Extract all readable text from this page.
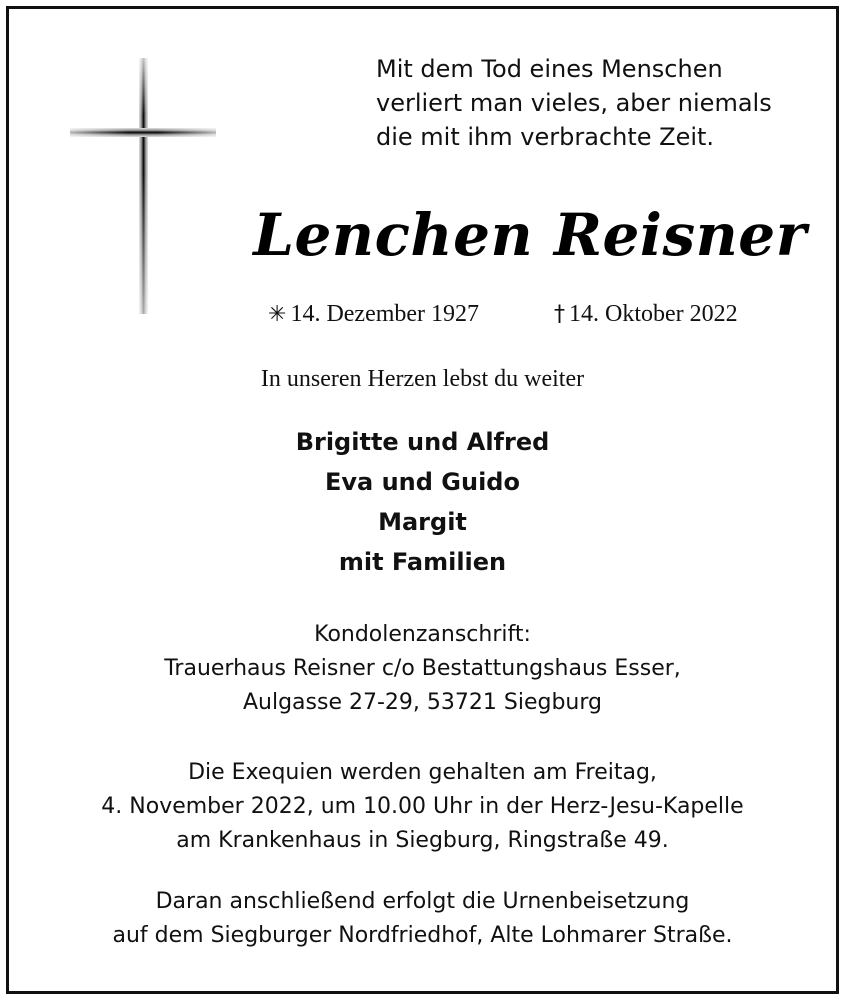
Mit dem Tod eines Menschen
verliert man vieles, aber niemals
die mit ihm verbrachte Zeit.
Lenchen Reisner
✳ 14. Dezember 1927	† 14. Oktober 2022
In unseren Herzen lebst du weiter
Brigitte und Alfred
Eva und Guido
Margit
mit Familien
Kondolenzanschrift:
Trauerhaus Reisner c/o Bestattungshaus Esser,
Aulgasse 27-29, 53721 Siegburg
Die Exequien werden gehalten am Freitag,
4. November 2022, um 10.00 Uhr in der Herz-Jesu-Kapelle
am Krankenhaus in Siegburg, Ringstraße 49.
Daran anschließend erfolgt die Urnenbeisetzung
auf dem Siegburger Nordfriedhof, Alte Lohmarer Straße.
